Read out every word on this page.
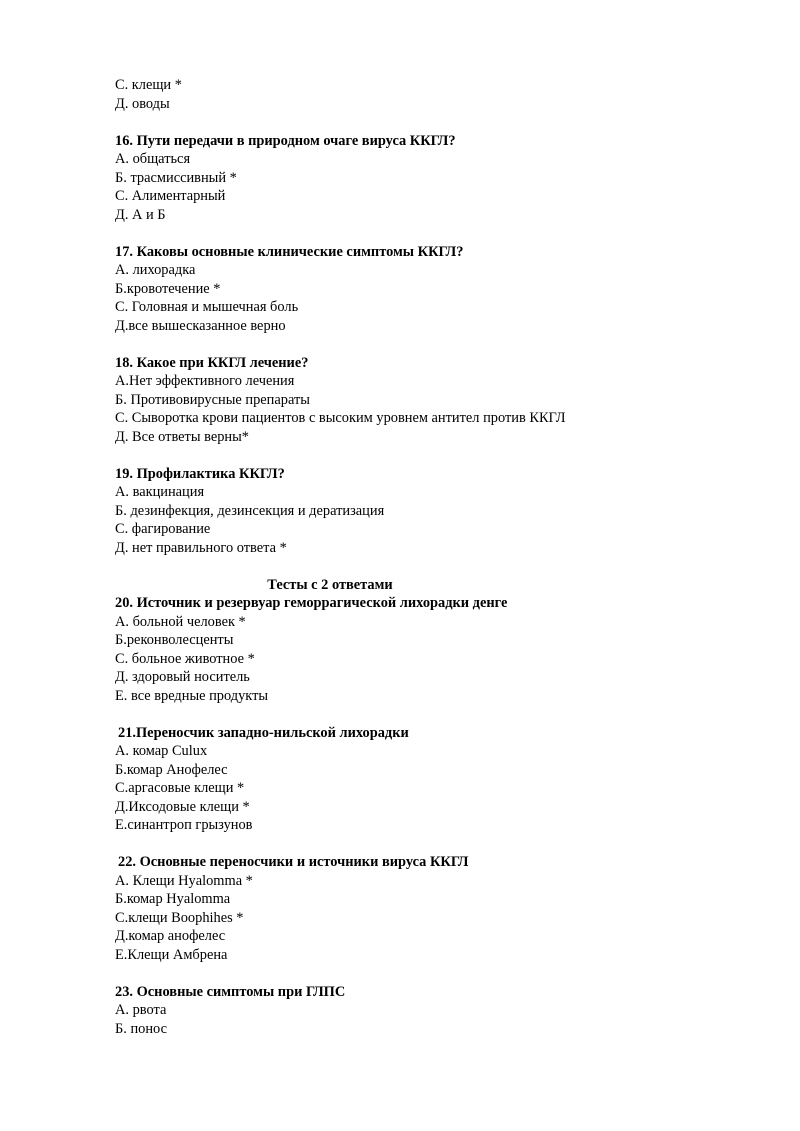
С. клещи *
Д. оводы
16. Пути передачи в природном очаге вируса ККГЛ?
А. общаться
Б. трасмиссивный *
С. Алиментарный
Д. А и Б
17. Каковы основные клинические симптомы ККГЛ?
А. лихорадка
Б.кровотечение *
С. Головная и мышечная боль
Д.все вышесказанное верно
18. Какое при ККГЛ лечение?
А.Нет эффективного лечения
Б. Противовирусные препараты
С. Сыворотка крови пациентов с высоким уровнем антител против ККГЛ
Д. Все ответы верны*
19. Профилактика ККГЛ?
А. вакцинация
Б. дезинфекция, дезинсекция и дератизация
С. фагирование
Д. нет правильного ответа *
Тесты с 2 ответами
20. Источник и резервуар геморрагической лихорадки денге
А. больной человек *
Б.реконволесценты
С. больное животное *
Д. здоровый носитель
Е. все вредные продукты
21.Переносчик западно-нильской лихорадки
А. комар Culux
Б.комар Анофелес
С.аргасовые клещи *
Д.Иксодовые клещи *
Е.синантроп грызунов
22. Основные переносчики и источники вируса ККГЛ
А. Клещи Hyalomma *
Б.комар Hyalomma
С.клещи Boophihes *
Д.комар анофелес
Е.Клещи Амбрена
23. Основные симптомы при ГЛПС
А. рвота
Б. понос
